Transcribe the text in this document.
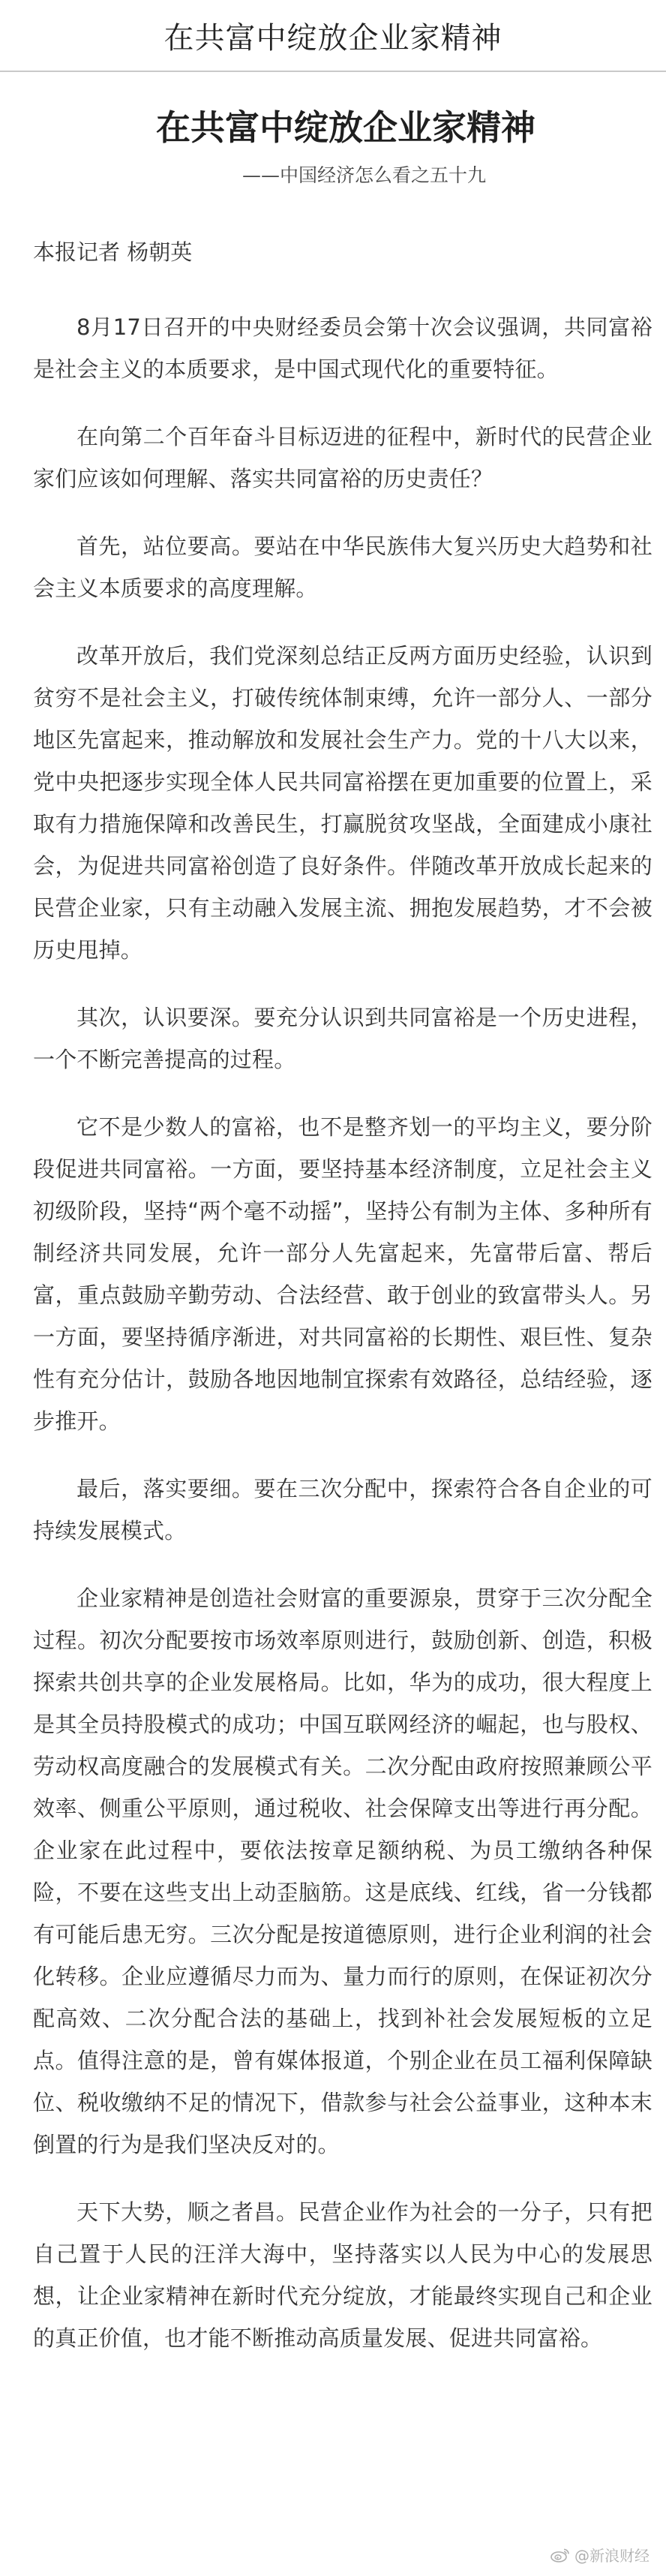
在共富中绽放企业家精神
在共富中绽放企业家精神
——中国经济怎么看之五十九
本报记者 杨朝英

8月17日召开的中央财经委员会第十次会议强调，共同富裕是社会主义的本质要求，是中国式现代化的重要特征。

在向第二个百年奋斗目标迈进的征程中，新时代的民营企业家们应该如何理解、落实共同富裕的历史责任？

首先，站位要高。要站在中华民族伟大复兴历史大趋势和社会主义本质要求的高度理解。

改革开放后，我们党深刻总结正反两方面历史经验，认识到贫穷不是社会主义，打破传统体制束缚，允许一部分人、一部分地区先富起来，推动解放和发展社会生产力。党的十八大以来，党中央把逐步实现全体人民共同富裕摆在更加重要的位置上，采取有力措施保障和改善民生，打赢脱贫攻坚战，全面建成小康社会，为促进共同富裕创造了良好条件。伴随改革开放成长起来的民营企业家，只有主动融入发展主流、拥抱发展趋势，才不会被历史甩掉。

其次，认识要深。要充分认识到共同富裕是一个历史进程，一个不断完善提高的过程。

它不是少数人的富裕，也不是整齐划一的平均主义，要分阶段促进共同富裕。一方面，要坚持基本经济制度，立足社会主义初级阶段，坚持“两个毫不动摇”，坚持公有制为主体、多种所有制经济共同发展，允许一部分人先富起来，先富带后富、帮后富，重点鼓励辛勤劳动、合法经营、敢于创业的致富带头人。另一方面，要坚持循序渐进，对共同富裕的长期性、艰巨性、复杂性有充分估计，鼓励各地因地制宜探索有效路径，总结经验，逐步推开。

最后，落实要细。要在三次分配中，探索符合各自企业的可持续发展模式。

企业家精神是创造社会财富的重要源泉，贯穿于三次分配全过程。初次分配要按市场效率原则进行，鼓励创新、创造，积极探索共创共享的企业发展格局。比如，华为的成功，很大程度上是其全员持股模式的成功；中国互联网经济的崛起，也与股权、劳动权高度融合的发展模式有关。二次分配由政府按照兼顾公平效率、侧重公平原则，通过税收、社会保障支出等进行再分配。企业家在此过程中，要依法按章足额纳税、为员工缴纳各种保险，不要在这些支出上动歪脑筋。这是底线、红线，省一分钱都有可能后患无穷。三次分配是按道德原则，进行企业利润的社会化转移。企业应遵循尽力而为、量力而行的原则，在保证初次分配高效、二次分配合法的基础上，找到补社会发展短板的立足点。值得注意的是，曾有媒体报道，个别企业在员工福利保障缺位、税收缴纳不足的情况下，借款参与社会公益事业，这种本末倒置的行为是我们坚决反对的。

天下大势，顺之者昌。民营企业作为社会的一分子，只有把自己置于人民的汪洋大海中，坚持落实以人民为中心的发展思想，让企业家精神在新时代充分绽放，才能最终实现自己和企业的真正价值，也才能不断推动高质量发展、促进共同富裕。

@新浪财经
